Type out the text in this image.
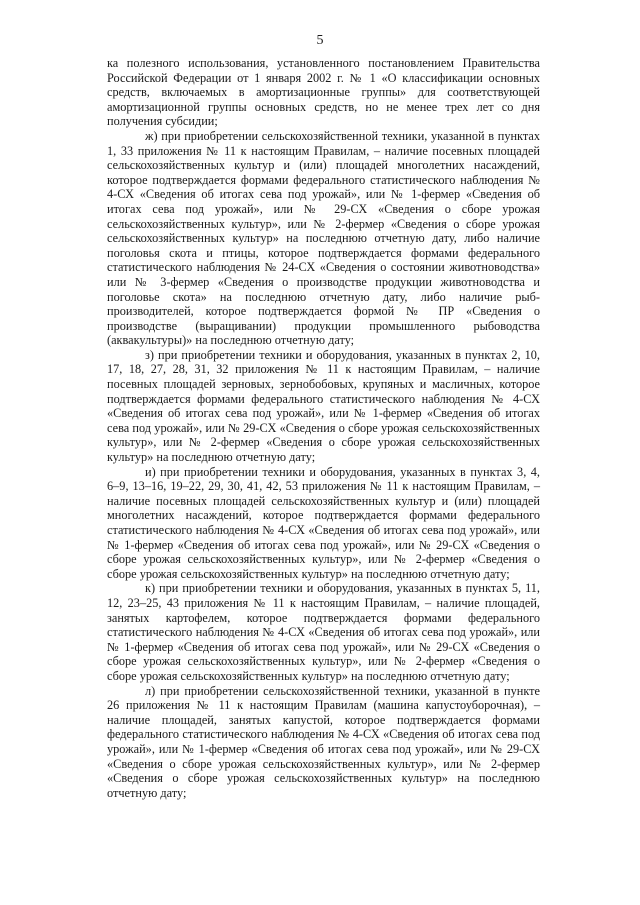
5

ка полезного использования, установленного постановлением Правительства Российской Федерации от 1 января 2002 г. № 1 «О классификации основных средств, включаемых в амортизационные группы» для соответствующей амортизационной группы основных средств, но не менее трех лет со дня получения субсидии;

ж) при приобретении сельскохозяйственной техники, указанной в пунктах 1, 33 приложения № 11 к настоящим Правилам, – наличие посевных площадей сельскохозяйственных культур и (или) площадей многолетних насаждений, которое подтверждается формами федерального статистического наблюдения № 4-СХ «Сведения об итогах сева под урожай», или № 1-фермер «Сведения об итогах сева под урожай», или № 29-СХ «Сведения о сборе урожая сельскохозяйственных культур», или № 2-фермер «Сведения о сборе урожая сельскохозяйственных культур» на последнюю отчетную дату, либо наличие поголовья скота и птицы, которое подтверждается формами федерального статистического наблюдения № 24-СХ «Сведения о состоянии животноводства» или № 3-фермер «Сведения о производстве продукции животноводства и поголовье скота» на последнюю отчетную дату, либо наличие рыб-производителей, которое подтверждается формой № ПР «Сведения о производстве (выращивании) продукции промышленного рыбоводства (аквакультуры)» на последнюю отчетную дату;

з) при приобретении техники и оборудования, указанных в пунктах 2, 10, 17, 18, 27, 28, 31, 32 приложения № 11 к настоящим Правилам, – наличие посевных площадей зерновых, зернобобовых, крупяных и масличных, которое подтверждается формами федерального статистического наблюдения № 4-СХ «Сведения об итогах сева под урожай», или № 1-фермер «Сведения об итогах сева под урожай», или № 29-СХ «Сведения о сборе урожая сельскохозяйственных культур», или № 2-фермер «Сведения о сборе урожая сельскохозяйственных культур» на последнюю отчетную дату;

и) при приобретении техники и оборудования, указанных в пунктах 3, 4, 6–9, 13–16, 19–22, 29, 30, 41, 42, 53 приложения № 11 к настоящим Правилам, – наличие посевных площадей сельскохозяйственных культур и (или) площадей многолетних насаждений, которое подтверждается формами федерального статистического наблюдения № 4-СХ «Сведения об итогах сева под урожай», или № 1-фермер «Сведения об итогах сева под урожай», или № 29-СХ «Сведения о сборе урожая сельскохозяйственных культур», или № 2-фермер «Сведения о сборе урожая сельскохозяйственных культур» на последнюю отчетную дату;

к) при приобретении техники и оборудования, указанных в пунктах 5, 11, 12, 23–25, 43 приложения № 11 к настоящим Правилам, – наличие площадей, занятых картофелем, которое подтверждается формами федерального статистического наблюдения № 4-СХ «Сведения об итогах сева под урожай», или № 1-фермер «Сведения об итогах сева под урожай», или № 29-СХ «Сведения о сборе урожая сельскохозяйственных культур», или № 2-фермер «Сведения о сборе урожая сельскохозяйственных культур» на последнюю отчетную дату;

л) при приобретении сельскохозяйственной техники, указанной в пункте 26 приложения № 11 к настоящим Правилам (машина капустоуборочная), – наличие площадей, занятых капустой, которое подтверждается формами федерального статистического наблюдения № 4-СХ «Сведения об итогах сева под урожай», или № 1-фермер «Сведения об итогах сева под урожай», или № 29-СХ «Сведения о сборе урожая сельскохозяйственных культур», или № 2-фермер «Сведения о сборе урожая сельскохозяйственных культур» на последнюю отчетную дату;
